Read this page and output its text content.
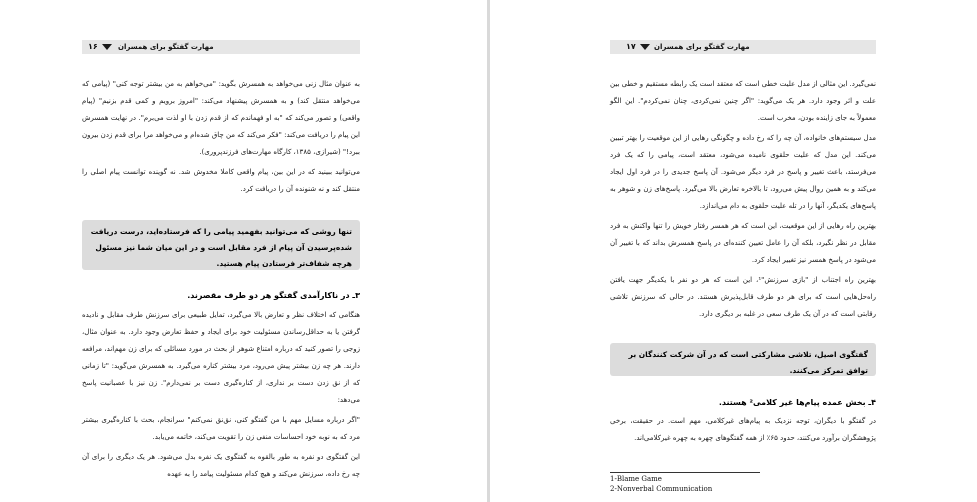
۱۶	مهارت گفتگو برای همسران

به عنوان مثال زنی می‌خواهد به همسرش بگوید: "می‌خواهم به من بیشتر توجه کنی" (پیامی که می‌خواهد منتقل کند) و به همسرش پیشنهاد می‌کند: "امروز برویم و کمی قدم بزنیم" (پیام واقعی) و تصور می‌کند که "به او فهماندم که از قدم زدن با او لذت می‌برم". در نهایت همسرش این پیام را دریافت می‌کند: "فکر می‌کند که من چاق شده‌ام و می‌خواهد مرا برای قدم زدن بیرون ببرد!" (شیرازی، ۱۳۸۵، کارگاه مهارت‌های فرزندپروری).

می‌توانید ببینید که در این بین، پیام واقعی کاملا مخدوش شد. نه گوینده توانست پیام اصلی را منتقل کند و نه شنونده آن را دریافت کرد.

تنها روشی که می‌توانید بفهمید پیامی را که فرستاده‌اید، درست دریافت شده‌پرسیدن آن پیام از فرد مقابل است و در این میان شما نیز مسئول هرچه شفاف‌تر فرستادن پیام هستید.
۳ـ در ناکارآمدی گفتگو هر دو طرف مقصرند.

هنگامی که اختلاف نظر و تعارض بالا می‌گیرد، تمایل طبیعی برای سرزنش طرف مقابل و نادیده گرفتن یا به حداقل‌رساندن مسئولیت خود برای ایجاد و حفظ تعارض وجود دارد. به عنوان مثال، زوجی را تصور کنید که درباره امتناع شوهر از بحث در مورد مسائلی که برای زن مهم‌اند، مرافعه دارند. هر چه زن بیشتر پیش می‌رود، مرد بیشتر کناره می‌گیرد. به همسرش می‌گوید: "تا زمانی که از نق زدن دست بر نداری، از کناره‌گیری دست بر نمی‌دارم". زن نیز با عصبانیت پاسخ می‌دهد:

"اگر درباره مسایل مهم با من گفتگو کنی، نق‌نق نمی‌کنم" سرانجام، بحث با کناره‌گیری بیشتر مرد که به نوبه خود احساسات منفی زن را تقویت می‌کند، خاتمه می‌یابد.

این گفتگوی دو نفره به طور بالقوه به گفتگوی یک نفره بدل می‌شود. هر یک دیگری را برای آن چه رخ داده، سرزنش می‌کند و هیچ کدام مسئولیت پیامد را به عهده

۱۷	مهارت گفتگو برای همسران

نمی‌گیرد. این مثالی از مدل علیت خطی است که معتقد است یک رابطه مستقیم و خطی بین علت و اثر وجود دارد. هر یک می‌گوید: "اگر چنین نمی‌کردی، چنان نمی‌کردم". این الگو معمولاً به جای زاینده بودن، مخرب است.

مدل سیستم‌های خانواده، آن چه را که رخ داده و چگونگی رهایی از این موقعیت را بهتر تبیین می‌کند. این مدل که علیت حلقوی نامیده می‌شود، معتقد است، پیامی را که یک فرد می‌فرستد، باعث تغییر و پاسخ در فرد دیگر می‌شود. آن پاسخ جدیدی را در فرد اول ایجاد می‌کند و به همین روال پیش می‌رود، تا بالاخره تعارض بالا می‌گیرد. پاسخ‌های زن و شوهر به پاسخ‌های یکدیگر، آنها را در تله علیت حلقوی به دام می‌اندازد.

بهترین راه رهایی از این موقعیت، این است که هر همسر رفتار خویش را تنها واکنش به فرد مقابل در نظر نگیرد، بلکه آن را عامل تعیین کننده‌ای در پاسخ همسرش بداند که با تغییر آن می‌شود در پاسخ همسر نیز تغییر ایجاد کرد.

بهترین راه اجتناب از "بازی سرزنش"¹، این است که هر دو نفر با یکدیگر جهت یافتن راه‌حل‌هایی است که برای هر دو طرف قابل‌پذیرش هستند. در حالی که سرزنش تلاشی رقابتی است که در آن یک طرف سعی در غلبه بر دیگری دارد.

گفتگوی اصیل، تلاشی مشارکتی است که در آن شرکت کنندگان بر توافق تمرکز می‌کنند.
۴ـ بخش عمده پیام‌ها غیر کلامی² هستند.

در گفتگو با دیگران، توجه نزدیک به پیام‌های غیرکلامی، مهم است. در حقیقت، برخی پژوهشگران برآورد می‌کنند، حدود ۶۵٪ از همه گفتگوهای چهره به چهره غیرکلامی‌اند.

1-Blame Game
2-Nonverbal Communication
